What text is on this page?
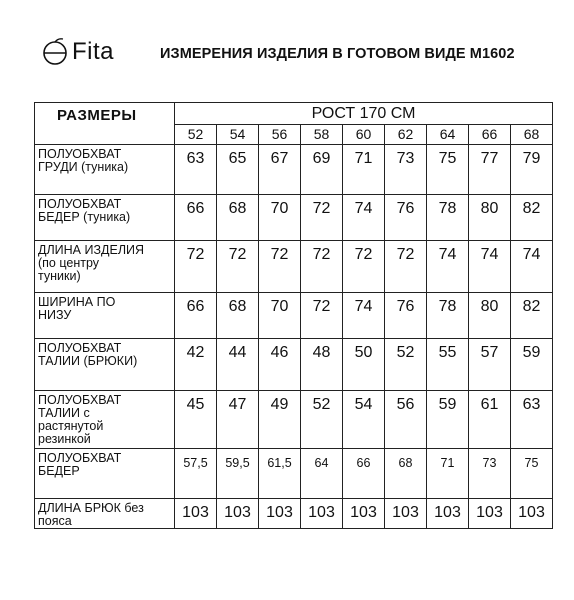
Fita	ИЗМЕРЕНИЯ ИЗДЕЛИЯ В ГОТОВОМ ВИДЕ М1602
РАЗМЕРЫ	РОСТ 170 СМ								
	52	54	56	58	60	62	64	66	68
ПОЛУОБХВАТ
ГРУДИ (туника)	63	65	67	69	71	73	75	77	79
ПОЛУОБХВАТ
БЕДЕР (туника)	66	68	70	72	74	76	78	80	82
ДЛИНА ИЗДЕЛИЯ
(по центру
туники)	72	72	72	72	72	72	74	74	74
ШИРИНА ПО
НИЗУ	66	68	70	72	74	76	78	80	82
ПОЛУОБХВАТ
ТАЛИИ (БРЮКИ)	42	44	46	48	50	52	55	57	59
ПОЛУОБХВАТ
ТАЛИИ с
растянутой
резинкой	45	47	49	52	54	56	59	61	63
ПОЛУОБХВАТ
БЕДЕР	57,5	59,5	61,5	64	66	68	71	73	75
ДЛИНА БРЮК без
пояса	103	103	103	103	103	103	103	103	103
